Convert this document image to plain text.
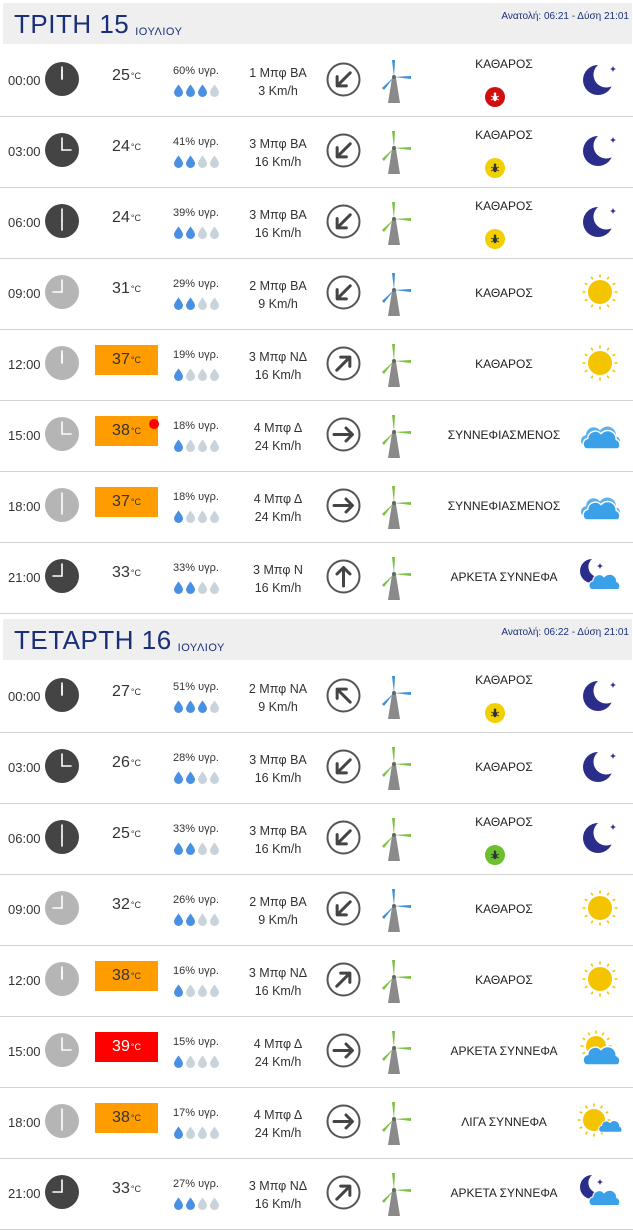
ΤΡΙΤΗ 15 ΙΟΥΛΙΟΥ
Ανατολή: 06:21 - Δύση 21:01
00:00	$25^{^\circ C}$	60% υγρ.	1 Μπφ ΒΑ
3 Km/h
ΚΑΘΑΡΟΣ
03:00	$24^{^\circ C}$	41% υγρ.	3 Μπφ ΒΑ
16 Km/h
ΚΑΘΑΡΟΣ
06:00	$24^{^\circ C}$	39% υγρ.	3 Μπφ ΒΑ
16 Km/h
ΚΑΘΑΡΟΣ
09:00	$31^{^\circ C}$	29% υγρ.	2 Μπφ ΒΑ
9 Km/h
ΚΑΘΑΡΟΣ
12:00	$37^{^\circ C}$	19% υγρ.	3 Μπφ ΝΔ
16 Km/h
ΚΑΘΑΡΟΣ
15:00	$38^{^\circ C}$	18% υγρ.	4 Μπφ Δ
24 Km/h
ΣΥΝΝΕΦΙΑΣΜΕΝΟΣ
18:00	$37^{^\circ C}$	18% υγρ.	4 Μπφ Δ
24 Km/h
ΣΥΝΝΕΦΙΑΣΜΕΝΟΣ
21:00	$33^{^\circ C}$	33% υγρ.	3 Μπφ Ν
16 Km/h
ΑΡΚΕΤΑ ΣΥΝΝΕΦΑ
ΤΕΤΑΡΤΗ 16 ΙΟΥΛΙΟΥ
Ανατολή: 06:22 - Δύση 21:01
00:00	$27^{^\circ C}$	51% υγρ.	2 Μπφ ΝΑ
9 Km/h
ΚΑΘΑΡΟΣ
03:00	$26^{^\circ C}$	28% υγρ.	3 Μπφ ΒΑ
16 Km/h
ΚΑΘΑΡΟΣ
06:00	$25^{^\circ C}$	33% υγρ.	3 Μπφ ΒΑ
16 Km/h
ΚΑΘΑΡΟΣ
09:00	$32^{^\circ C}$	26% υγρ.	2 Μπφ ΒΑ
9 Km/h
ΚΑΘΑΡΟΣ
12:00	$38^{^\circ C}$	16% υγρ.	3 Μπφ ΝΔ
16 Km/h
ΚΑΘΑΡΟΣ
15:00	$39^{^\circ C}$	15% υγρ.	4 Μπφ Δ
24 Km/h
ΑΡΚΕΤΑ ΣΥΝΝΕΦΑ
18:00	$38^{^\circ C}$	17% υγρ.	4 Μπφ Δ
24 Km/h
ΛΙΓΑ ΣΥΝΝΕΦΑ
21:00	$33^{^\circ C}$	27% υγρ.	3 Μπφ ΝΔ
16 Km/h
ΑΡΚΕΤΑ ΣΥΝΝΕΦΑ
